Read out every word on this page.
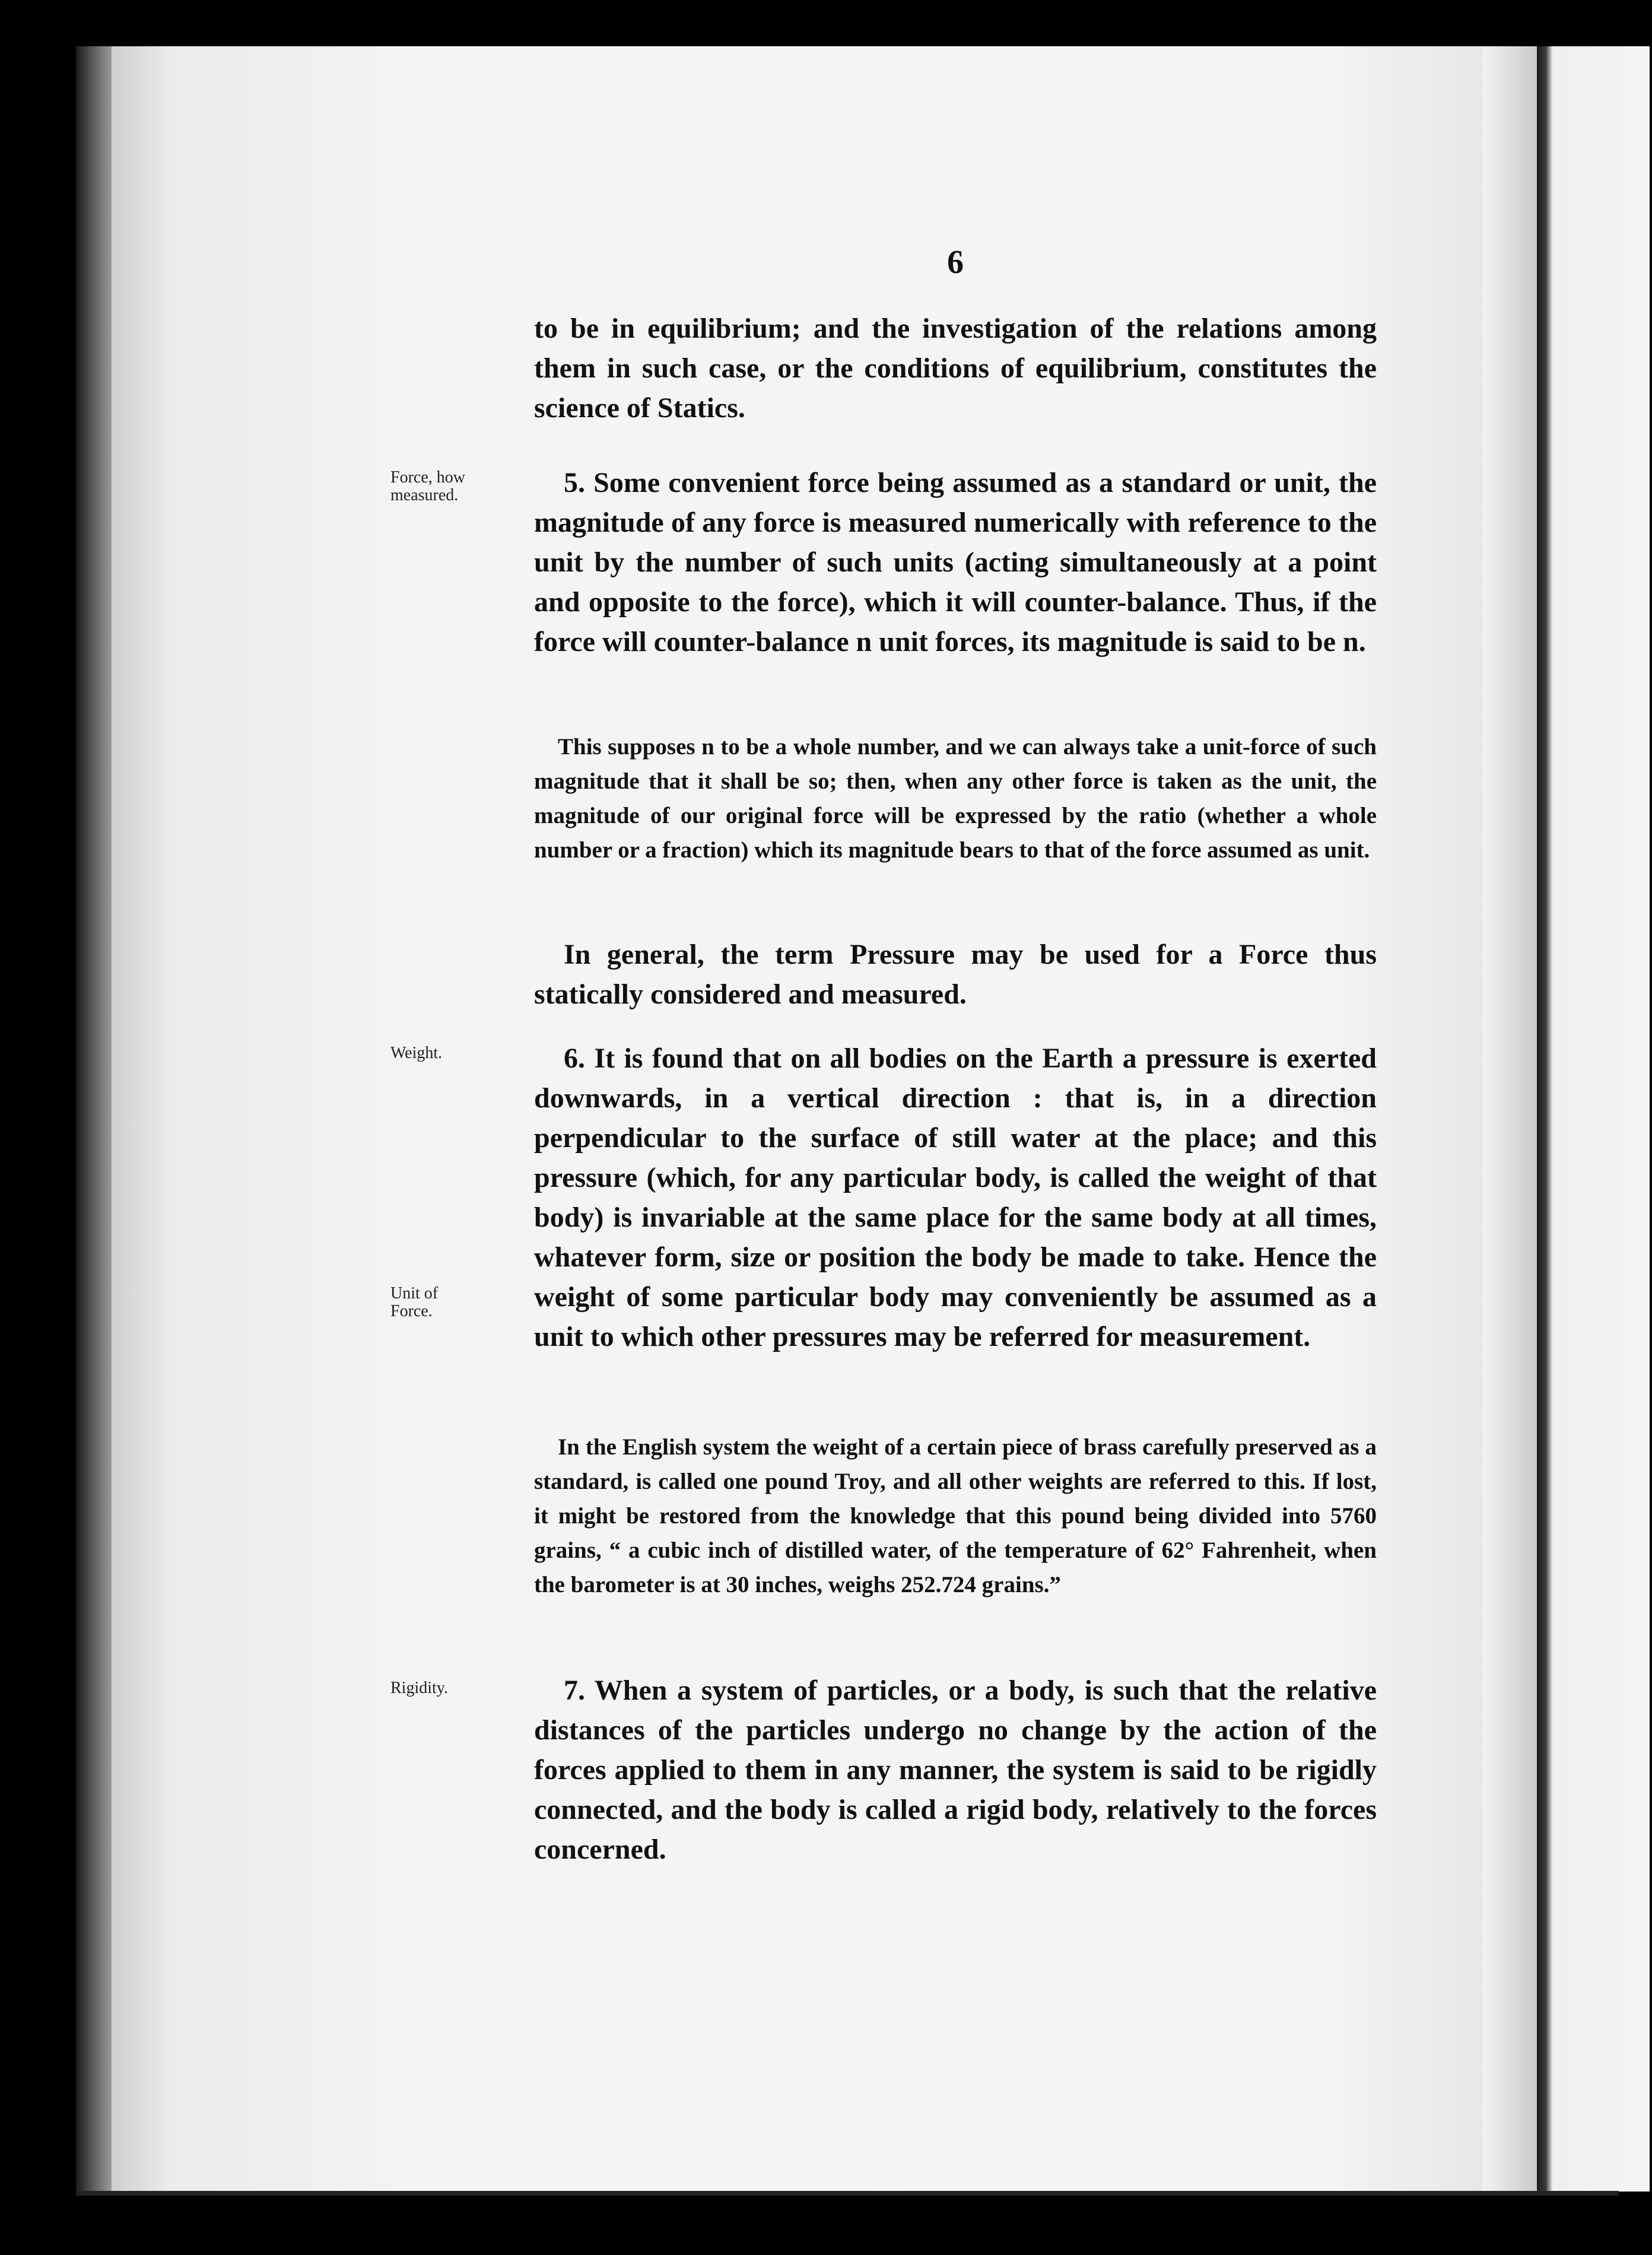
6
to be in equilibrium; and the investigation of the relations among them in such case, or the conditions of equilibrium, constitutes the science of Statics.
Force, how
measured.	5. Some convenient force being assumed as a standard or unit, the magnitude of any force is measured numerically with reference to the unit by the number of such units (acting simultaneously at a point and opposite to the force), which it will counter-balance. Thus, if the force will counter-balance n unit forces, its magnitude is said to be n.
This supposes n to be a whole number, and we can always take a unit-force of such magnitude that it shall be so; then, when any other force is taken as the unit, the magnitude of our original force will be expressed by the ratio (whether a whole number or a fraction) which its magnitude bears to that of the force assumed as unit.
In general, the term Pressure may be used for a Force thus statically considered and measured.
Weight.
Unit of
Force.
6. It is found that on all bodies on the Earth a pressure is exerted downwards, in a vertical direction : that is, in a direction perpendicular to the surface of still water at the place; and this pressure (which, for any particular body, is called the weight of that body) is invariable at the same place for the same body at all times, whatever form, size or position the body be made to take. Hence the weight of some particular body may conveniently be assumed as a unit to which other pressures may be referred for measurement.
In the English system the weight of a certain piece of brass carefully preserved as a standard, is called one pound Troy, and all other weights are referred to this. If lost, it might be restored from the knowledge that this pound being divided into 5760 grains, “ a cubic inch of distilled water, of the temperature of 62° Fahrenheit, when the barometer is at 30 inches, weighs 252.724 grains.”
Rigidity.	7. When a system of particles, or a body, is such that the relative distances of the particles undergo no change by the action of the forces applied to them in any manner, the system is said to be rigidly connected, and the body is called a rigid body, relatively to the forces concerned.
